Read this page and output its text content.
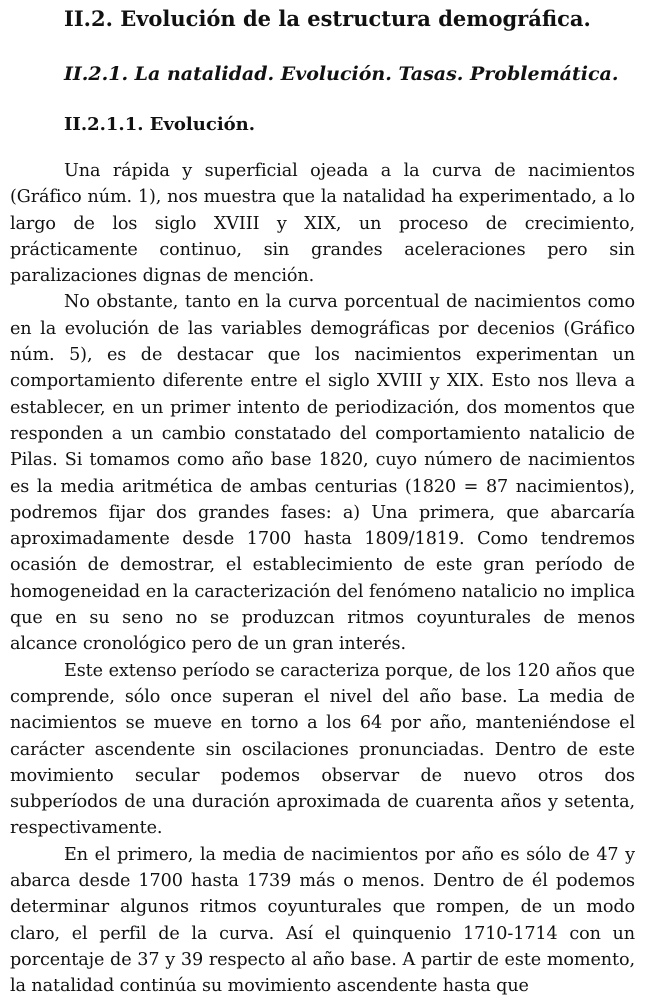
II.2. Evolución de la estructura demográfica.
II.2.1. La natalidad. Evolución. Tasas. Problemática.
II.2.1.1. Evolución.

Una rápida y superficial ojeada a la curva de nacimientos (Gráfico núm. 1), nos muestra que la natalidad ha experimentado, a lo largo de los siglo XVIII y XIX, un proceso de crecimiento, prácticamente continuo, sin grandes aceleraciones pero sin paralizaciones dignas de mención.

No obstante, tanto en la curva porcentual de nacimientos como en la evolución de las variables demográficas por decenios (Gráfico núm. 5), es de destacar que los nacimientos experimentan un comportamiento diferente entre el siglo XVIII y XIX. Esto nos lleva a establecer, en un primer intento de periodización, dos momentos que responden a un cambio constatado del comportamiento natalicio de Pilas. Si tomamos como año base 1820, cuyo número de nacimientos es la media aritmética de ambas centurias (1820 = 87 nacimientos), podremos fijar dos grandes fases: a) Una primera, que abarcaría aproximadamente desde 1700 hasta 1809/1819. Como tendremos ocasión de demostrar, el establecimiento de este gran período de homogeneidad en la caracterización del fenómeno natalicio no implica que en su seno no se produzcan ritmos coyunturales de menos alcance cronológico pero de un gran interés.

Este extenso período se caracteriza porque, de los 120 años que comprende, sólo once superan el nivel del año base. La media de nacimientos se mueve en torno a los 64 por año, manteniéndose el carácter ascendente sin oscilaciones pronunciadas. Dentro de este movimiento secular podemos observar de nuevo otros dos subperíodos de una duración aproximada de cuarenta años y setenta, respectivamente.

En el primero, la media de nacimientos por año es sólo de 47 y abarca desde 1700 hasta 1739 más o menos. Dentro de él podemos determinar algunos ritmos coyunturales que rompen, de un modo claro, el perfil de la curva. Así el quinquenio 1710-1714 con un porcentaje de 37 y 39 respecto al año base. A partir de este momento, la natalidad continúa su movimiento ascendente hasta que
